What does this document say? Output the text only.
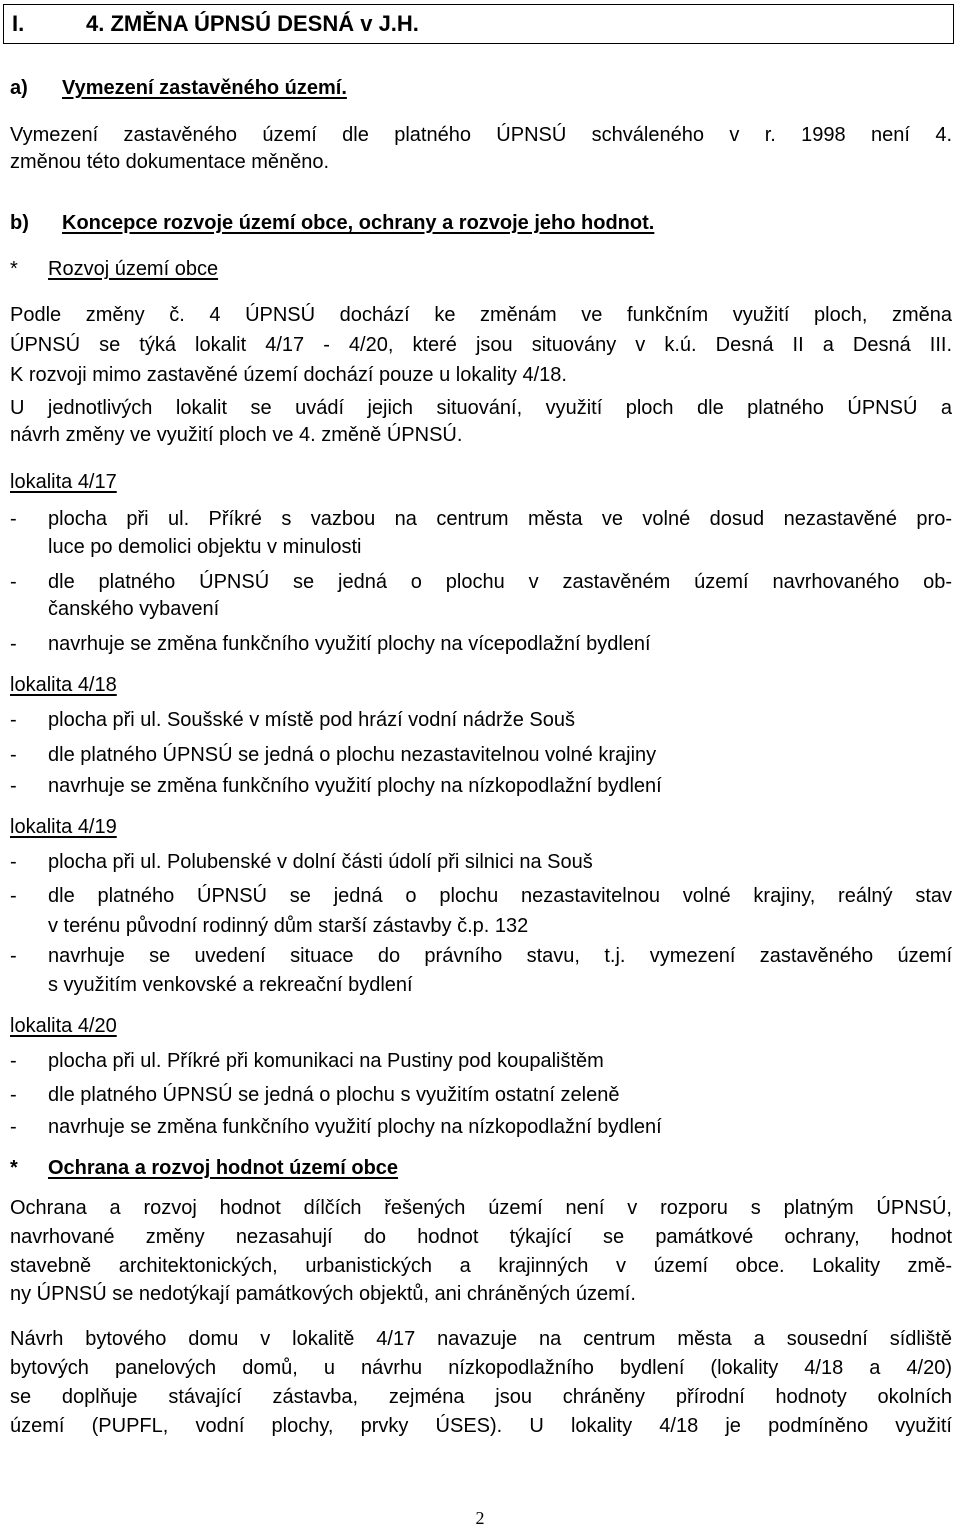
I.	4. ZMĚNA ÚPNSÚ DESNÁ v J.H.
a) Vymezení zastavěného území.
Vymezení zastavěného území dle platného ÚPNSÚ schváleného v r. 1998 není 4.
změnou této dokumentace měněno.
b) Koncepce rozvoje území obce, ochrany a rozvoje jeho hodnot.
* Rozvoj území obce
Podle změny č. 4 ÚPNSÚ dochází ke změnám ve funkčním využití ploch, změna
ÚPNSÚ se týká lokalit 4/17 - 4/20, které jsou situovány v k.ú. Desná II a Desná III.
K rozvoji mimo zastavěné území dochází pouze u lokality 4/18.
U jednotlivých lokalit se uvádí jejich situování, využití ploch dle platného ÚPNSÚ a
návrh změny ve využití ploch ve 4. změně ÚPNSÚ.
lokalita 4/17
- plocha při ul. Příkré s vazbou na centrum města ve volné dosud nezastavěné pro-
luce po demolici objektu v minulosti
- dle platného ÚPNSÚ se jedná o plochu v zastavěném území navrhovaného ob-
čanského vybavení
- navrhuje se změna funkčního využití plochy na vícepodlažní bydlení
lokalita 4/18
- plocha při ul. Soušské v místě pod hrází vodní nádrže Souš
- dle platného ÚPNSÚ se jedná o plochu nezastavitelnou volné krajiny
- navrhuje se změna funkčního využití plochy na nízkopodlažní bydlení
lokalita 4/19
- plocha při ul. Polubenské v dolní části údolí při silnici na Souš
- dle platného ÚPNSÚ se jedná o plochu nezastavitelnou volné krajiny, reálný stav
v terénu původní rodinný dům starší zástavby č.p. 132
- navrhuje se uvedení situace do právního stavu, t.j. vymezení zastavěného území
s využitím venkovské a rekreační bydlení
lokalita 4/20
- plocha při ul. Příkré při komunikaci na Pustiny pod koupalištěm
- dle platného ÚPNSÚ se jedná o plochu s využitím ostatní zeleně
- navrhuje se změna funkčního využití plochy na nízkopodlažní bydlení
* Ochrana a rozvoj hodnot území obce
Ochrana a rozvoj hodnot dílčích řešených území není v rozporu s platným ÚPNSÚ,
navrhované změny nezasahují do hodnot týkající se památkové ochrany, hodnot
stavebně architektonických, urbanistických a krajinných v území obce. Lokality změ-
ny ÚPNSÚ se nedotýkají památkových objektů, ani chráněných území.
Návrh bytového domu v lokalitě 4/17 navazuje na centrum města a sousední sídliště
bytových panelových domů, u návrhu nízkopodlažního bydlení (lokality 4/18 a 4/20)
se doplňuje stávající zástavba, zejména jsou chráněny přírodní hodnoty okolních
území (PUPFL, vodní plochy, prvky ÚSES). U lokality 4/18 je podmíněno využití
2
